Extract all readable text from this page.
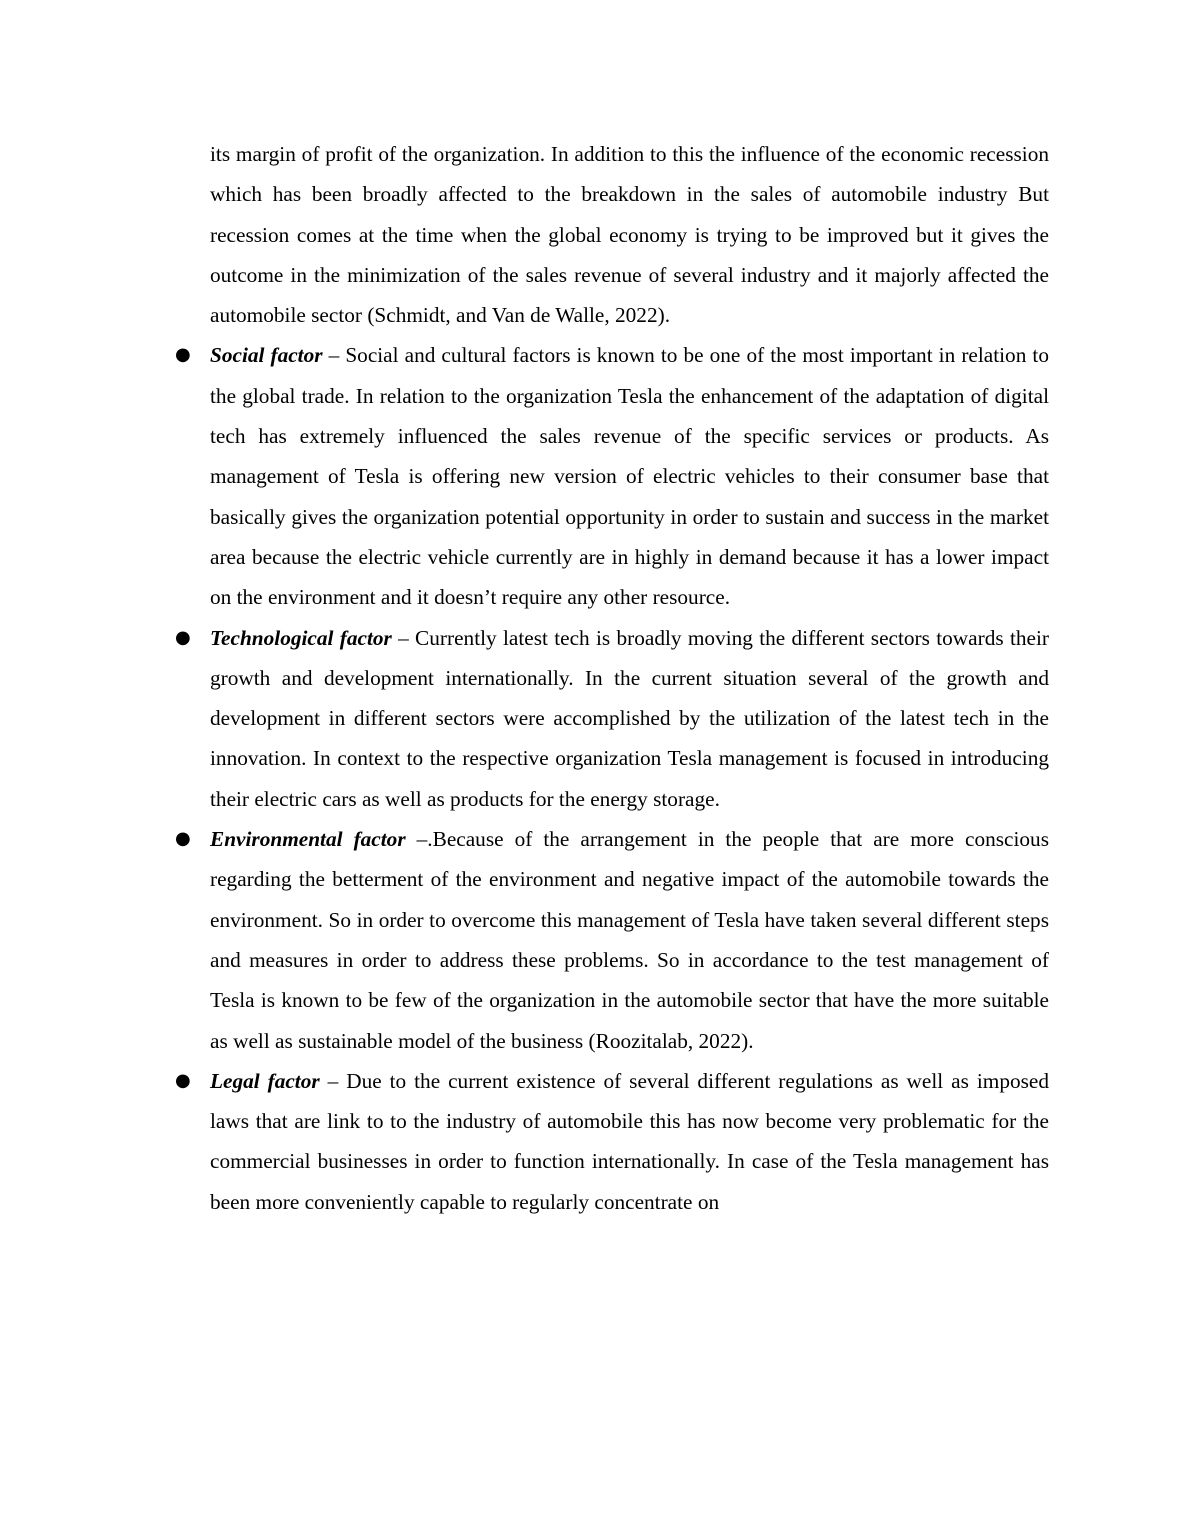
its margin of profit of the organization. In addition to this the influence of the economic recession which has been broadly affected to the breakdown in the sales of automobile industry But recession comes at the time when the global economy is trying to be improved but it gives the outcome in the minimization of the sales revenue of several industry and it majorly affected the automobile sector (Schmidt, and Van de Walle, 2022).

● Social factor – Social and cultural factors is known to be one of the most important in relation to the global trade. In relation to the organization Tesla the enhancement of the adaptation of digital tech has extremely influenced the sales revenue of the specific services or products. As management of Tesla is offering new version of electric vehicles to their consumer base that basically gives the organization potential opportunity in order to sustain and success in the market area because the electric vehicle currently are in highly in demand because it has a lower impact on the environment and it doesn’t require any other resource.

● Technological factor – Currently latest tech is broadly moving the different sectors towards their growth and development internationally. In the current situation several of the growth and development in different sectors were accomplished by the utilization of the latest tech in the innovation. In context to the respective organization Tesla management is focused in introducing their electric cars as well as products for the energy storage.

● Environmental factor –.Because of the arrangement in the people that are more conscious regarding the betterment of the environment and negative impact of the automobile towards the environment. So in order to overcome this management of Tesla have taken several different steps and measures in order to address these problems. So in accordance to the test management of Tesla is known to be few of the organization in the automobile sector that have the more suitable as well as sustainable model of the business (Roozitalab, 2022).

● Legal factor – Due to the current existence of several different regulations as well as imposed laws that are link to to the industry of automobile this has now become very problematic for the commercial businesses in order to function internationally. In case of the Tesla management has been more conveniently capable to regularly concentrate on
